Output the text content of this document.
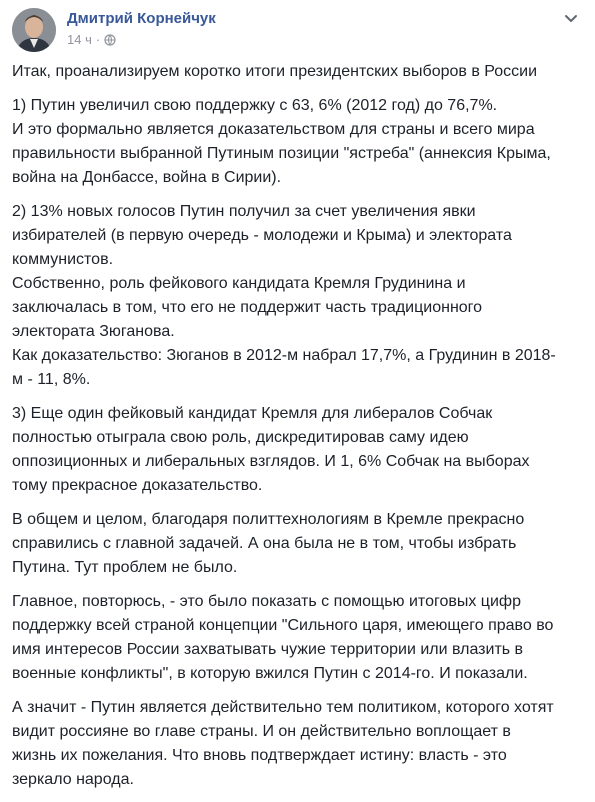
Дмитрий Корнейчук
14 ч ·

Итак, проанализируем коротко итоги президентских выборов в России

1) Путин увеличил свою поддержку с 63, 6% (2012 год) до 76,7%.
И это формально является доказательством для страны и всего мира
правильности выбранной Путиным позиции "ястреба" (аннексия Крыма,
война на Донбассе, война в Сирии).

2) 13% новых голосов Путин получил за счет увеличения явки
избирателей (в первую очередь - молодежи и Крыма) и электората
коммунистов.
Собственно, роль фейкового кандидата Кремля Грудинина и
заключалась в том, что его не поддержит часть традиционного
электората Зюганова.
Как доказательство: Зюганов в 2012-м набрал 17,7%, а Грудинин в 2018-
м - 11, 8%.

3) Еще один фейковый кандидат Кремля для либералов Собчак
полностью отыграла свою роль, дискредитировав саму идею
оппозиционных и либеральных взглядов. И 1, 6% Собчак на выборах
тому прекрасное доказательство.

В общем и целом, благодаря политтехнологиям в Кремле прекрасно
справились с главной задачей. А она была не в том, чтобы избрать
Путина. Тут проблем не было.

Главное, повторюсь, - это было показать с помощью итоговых цифр
поддержку всей страной концепции "Сильного царя, имеющего право во
имя интересов России захватывать чужие территории или влазить в
военные конфликты", в которую вжился Путин с 2014-го. И показали.

А значит - Путин является действительно тем политиком, которого хотят
видит россияне во главе страны. И он действительно воплощает в
жизнь их пожелания. Что вновь подтверждает истину: власть - это
зеркало народа.
